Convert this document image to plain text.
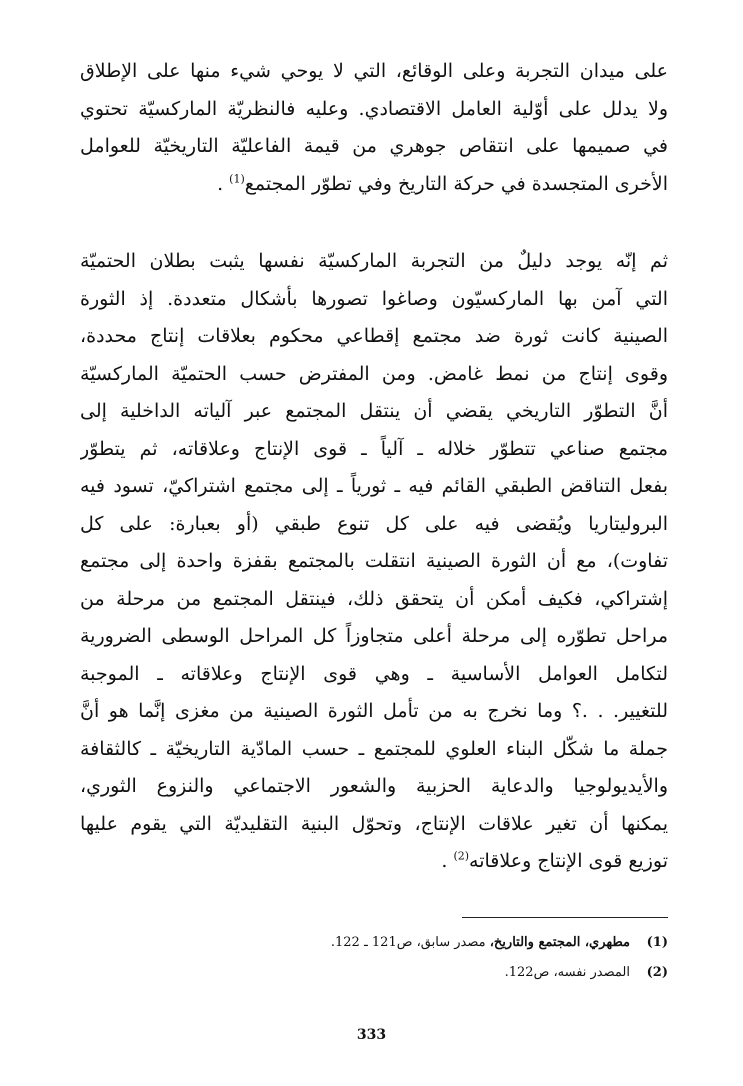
على ميدان التجربة وعلى الوقائع، التي لا يوحي شيء منها على الإطلاق
ولا يدلل على أوّلية العامل الاقتصادي. وعليه فالنظريّة الماركسيّة تحتوي
في صميمها على انتقاص جوهري من قيمة الفاعليّة التاريخيّة للعوامل
الأخرى المتجسدة في حركة التاريخ وفي تطوّر المجتمع$^{(1)}$ .
ثم إنّه يوجد دليلٌ من التجربة الماركسيّة نفسها يثبت بطلان الحتميّة
التي آمن بها الماركسيّون وصاغوا تصورها بأشكال متعددة. إذ الثورة
الصينية كانت ثورة ضد مجتمع إقطاعي محكوم بعلاقات إنتاج محددة،
وقوى إنتاج من نمط غامض. ومن المفترض حسب الحتميّة الماركسيّة
أنَّ التطوّر التاريخي يقضي أن ينتقل المجتمع عبر آلياته الداخلية إلى
مجتمع صناعي تتطوّر خلاله ـ آلياً ـ قوى الإنتاج وعلاقاته، ثم يتطوّر
بفعل التناقض الطبقي القائم فيه ـ ثورياً ـ إلى مجتمع اشتراكيّ، تسود فيه
البروليتاريا ويُقضى فيه على كل تنوع طبقي (أو بعبارة: على كل
تفاوت)، مع أن الثورة الصينية انتقلت بالمجتمع بقفزة واحدة إلى مجتمع
إشتراكي، فكيف أمكن أن يتحقق ذلك، فينتقل المجتمع من مرحلة من
مراحل تطوّره إلى مرحلة أعلى متجاوزاً كل المراحل الوسطى الضرورية
لتكامل العوامل الأساسية ـ وهي قوى الإنتاج وعلاقاته ـ الموجبة
للتغيير. . .؟ وما نخرج به من تأمل الثورة الصينية من مغزى إنَّما هو أنَّ
جملة ما شكّل البناء العلوي للمجتمع ـ حسب المادّية التاريخيّة ـ كالثقافة
والأيديولوجيا والدعاية الحزبية والشعور الاجتماعي والنزوع الثوري،
يمكنها أن تغير علاقات الإنتاج، وتحوّل البنية التقليديّة التي يقوم عليها
توزيع قوى الإنتاج وعلاقاته$^{(2)}$ .
(1)
مطهري، المجتمع والتاريخ، مصدر سابق، ص121 ـ 122.
(2)
المصدر نفسه، ص122.
333
